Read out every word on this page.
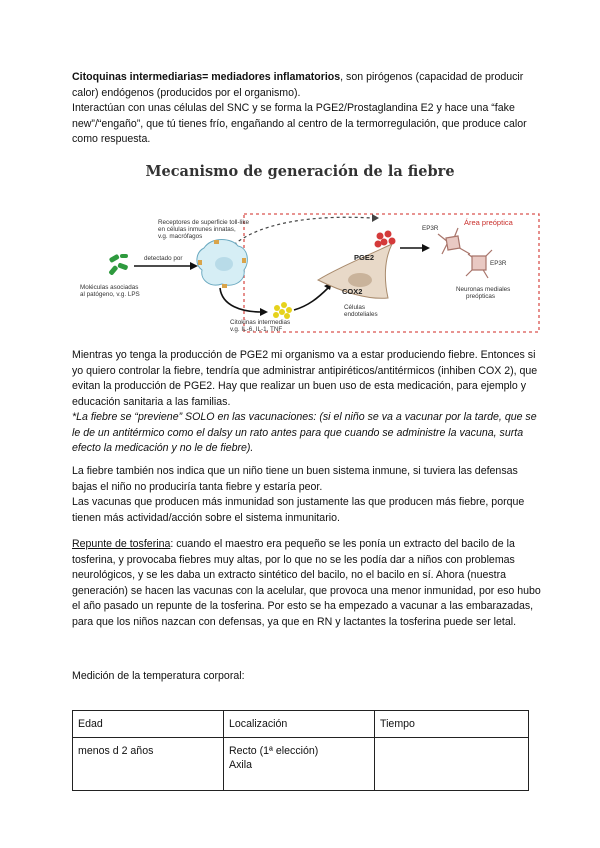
Citoquinas intermediarias= mediadores inflamatorios, son pirógenos (capacidad de producir calor) endógenos (producidos por el organismo).

Interactúan con unas células del SNC y se forma la PGE2/Prostaglandina E2 y hace una “fake new”/“engaño”, que tú tienes frío, engañando al centro de la termorregulación, que produce calor como respuesta.

Mecanismo de generación de la fiebre
Moléculas asociadas
al patógeno, v.g. LPS
detectado por
Receptores de superficie toll-like
en células inmunes innatas,
v.g. macrófagos
Citokinas intermedias
v.g. IL-6, IL-1, TNF
COX2
Células
endoteliales
PGE2
EP3R
EP3R
Área preóptica
Neuronas mediales
preópticas

Mientras yo tenga la producción de PGE2 mi organismo va a estar produciendo fiebre. Entonces si yo quiero controlar la fiebre, tendría que administrar antipiréticos/antitérmicos (inhiben COX 2), que evitan la producción de PGE2. Hay que realizar un buen uso de esta medicación, para ejemplo y educación sanitaria a las familias.

*La fiebre se “previene” SOLO en las vacunaciones: (si el niño se va a vacunar por la tarde, que se le de un antitérmico como el dalsy un rato antes para que cuando se administre la vacuna, surta efecto la medicación y no le de fiebre).

La fiebre también nos indica que un niño tiene un buen sistema inmune, si tuviera las defensas bajas el niño no produciría tanta fiebre y estaría peor.

Las vacunas que producen más inmunidad son justamente las que producen más fiebre, porque tienen más actividad/acción sobre el sistema inmunitario.

Repunte de tosferina: cuando el maestro era pequeño se les ponía un extracto del bacilo de la tosferina, y provocaba fiebres muy altas, por lo que no se les podía dar a niños con problemas neurológicos, y se les daba un extracto sintético del bacilo, no el bacilo en sí. Ahora (nuestra generación) se hacen las vacunas con la acelular, que provoca una menor inmunidad, por eso hubo el año pasado un repunte de la tosferina. Por esto se ha empezado a vacunar a las embarazadas, para que los niños nazcan con defensas, ya que en RN y lactantes la tosferina puede ser letal.

Medición de la temperatura corporal:

Edad	Localización	Tiempo
menos d 2 años	Recto (1ª elección)
Axila	
